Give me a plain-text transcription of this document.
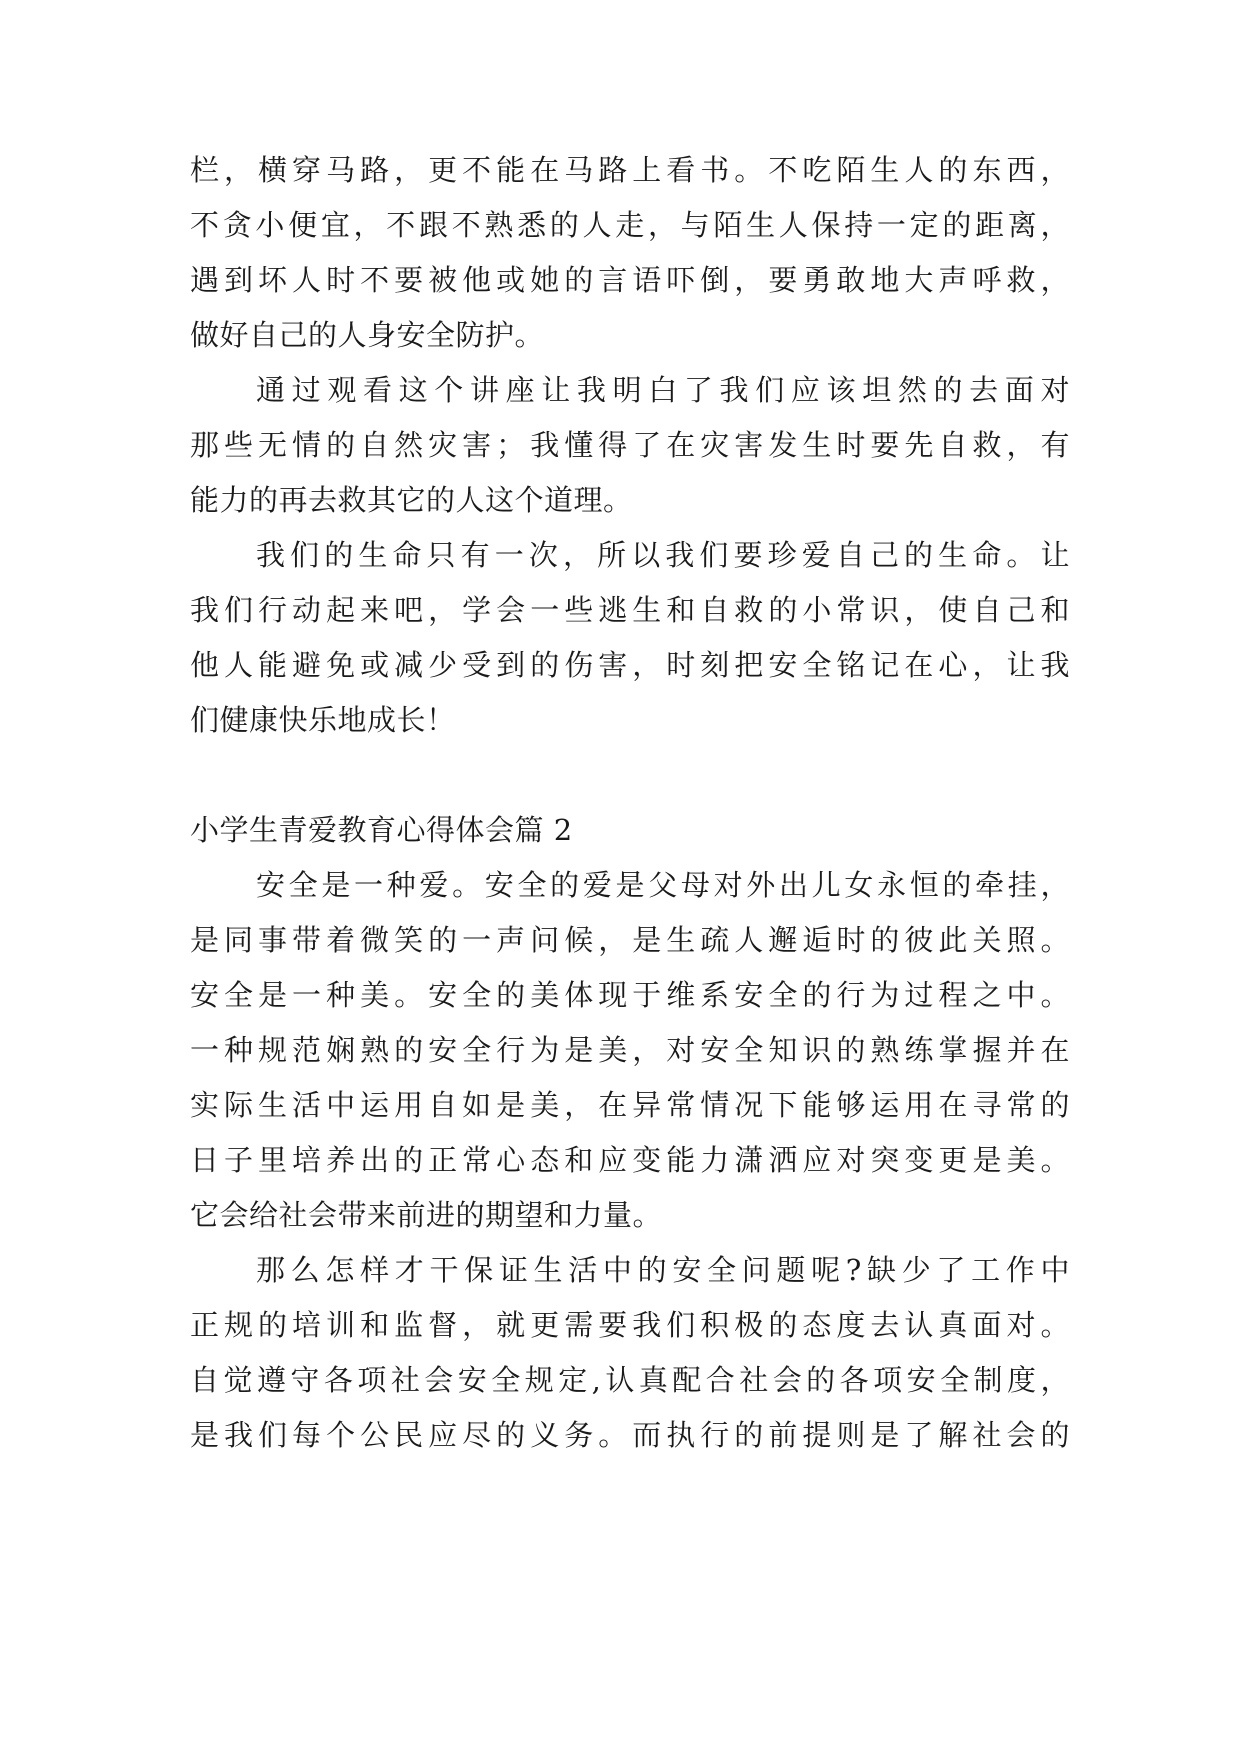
栏，横穿马路，更不能在马路上看书。不吃陌生人的东西，
不贪小便宜，不跟不熟悉的人走，与陌生人保持一定的距离，
遇到坏人时不要被他或她的言语吓倒，要勇敢地大声呼救，
做好自己的人身安全防护。
通过观看这个讲座让我明白了我们应该坦然的去面对
那些无情的自然灾害；我懂得了在灾害发生时要先自救，有
能力的再去救其它的人这个道理。
我们的生命只有一次，所以我们要珍爱自己的生命。让
我们行动起来吧，学会一些逃生和自救的小常识，使自己和
他人能避免或减少受到的伤害，时刻把安全铭记在心，让我
们健康快乐地成长！
小学生青爱教育心得体会篇 2
安全是一种爱。安全的爱是父母对外出儿女永恒的牵挂，
是同事带着微笑的一声问候，是生疏人邂逅时的彼此关照。
安全是一种美。安全的美体现于维系安全的行为过程之中。
一种规范娴熟的安全行为是美，对安全知识的熟练掌握并在
实际生活中运用自如是美，在异常情况下能够运用在寻常的
日子里培养出的正常心态和应变能力潇洒应对突变更是美。
它会给社会带来前进的期望和力量。
那么怎样才干保证生活中的安全问题呢?缺少了工作中
正规的培训和监督，就更需要我们积极的态度去认真面对。
自觉遵守各项社会安全规定,认真配合社会的各项安全制度，
是我们每个公民应尽的义务。而执行的前提则是了解社会的
